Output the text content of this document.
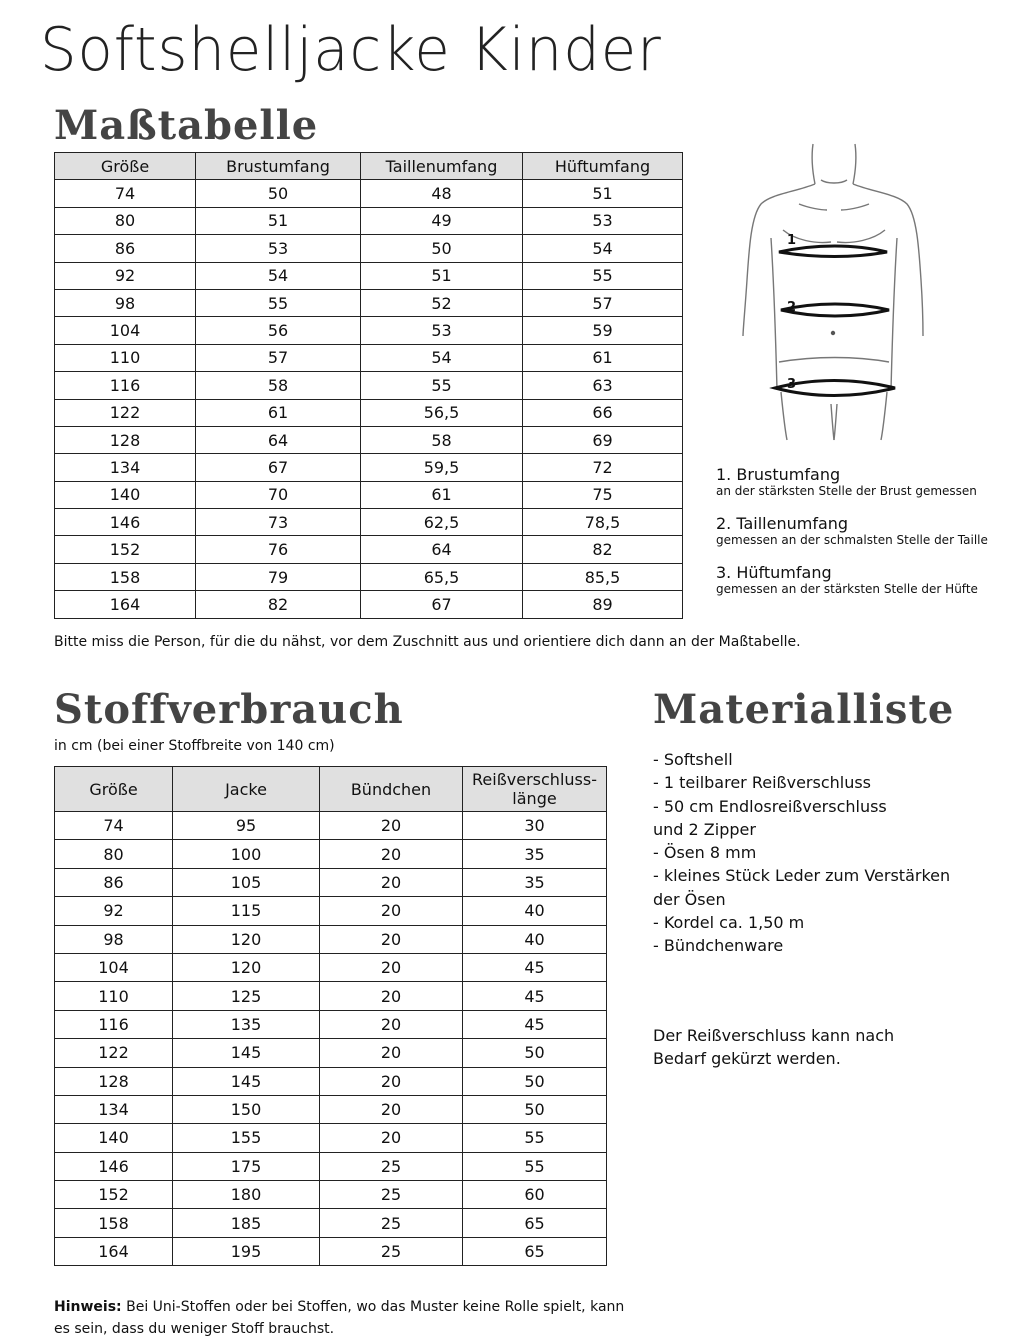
Softshelljacke Kinder
Maßtabelle
Größe	Brustumfang	Taillenumfang	Hüftumfang
74	50	48	51
80	51	49	53
86	53	50	54
92	54	51	55
98	55	52	57
104	56	53	59
110	57	54	61
116	58	55	63
122	61	56,5	66
128	64	58	69
134	67	59,5	72
140	70	61	75
146	73	62,5	78,5
152	76	64	82
158	79	65,5	85,5
164	82	67	89
Bitte miss die Person, für die du nähst, vor dem Zuschnitt aus und orientiere dich dann an der Maßtabelle.
1
2
3
1. Brustumfang
an der stärksten Stelle der Brust gemessen
2. Taillenumfang
gemessen an der schmalsten Stelle der Taille
3. Hüftumfang
gemessen an der stärksten Stelle der Hüfte
Stoffverbrauch
in cm (bei einer Stoffbreite von 140 cm)
Größe	Jacke	Bündchen	Reißverschluss-
länge
74	95	20	30
80	100	20	35
86	105	20	35
92	115	20	40
98	120	20	40
104	120	20	45
110	125	20	45
116	135	20	45
122	145	20	50
128	145	20	50
134	150	20	50
140	155	20	55
146	175	25	55
152	180	25	60
158	185	25	65
164	195	25	65
Hinweis: Bei Uni-Stoffen oder bei Stoffen, wo das Muster keine Rolle spielt, kann
es sein, dass du weniger Stoff brauchst.
Materialliste
- Softshell
- 1 teilbarer Reißverschluss
- 50 cm Endlosreißverschluss
und 2 Zipper
- Ösen 8 mm
- kleines Stück Leder zum Verstärken
der Ösen
- Kordel ca. 1,50 m
- Bündchenware
Der Reißverschluss kann nach
Bedarf gekürzt werden.
